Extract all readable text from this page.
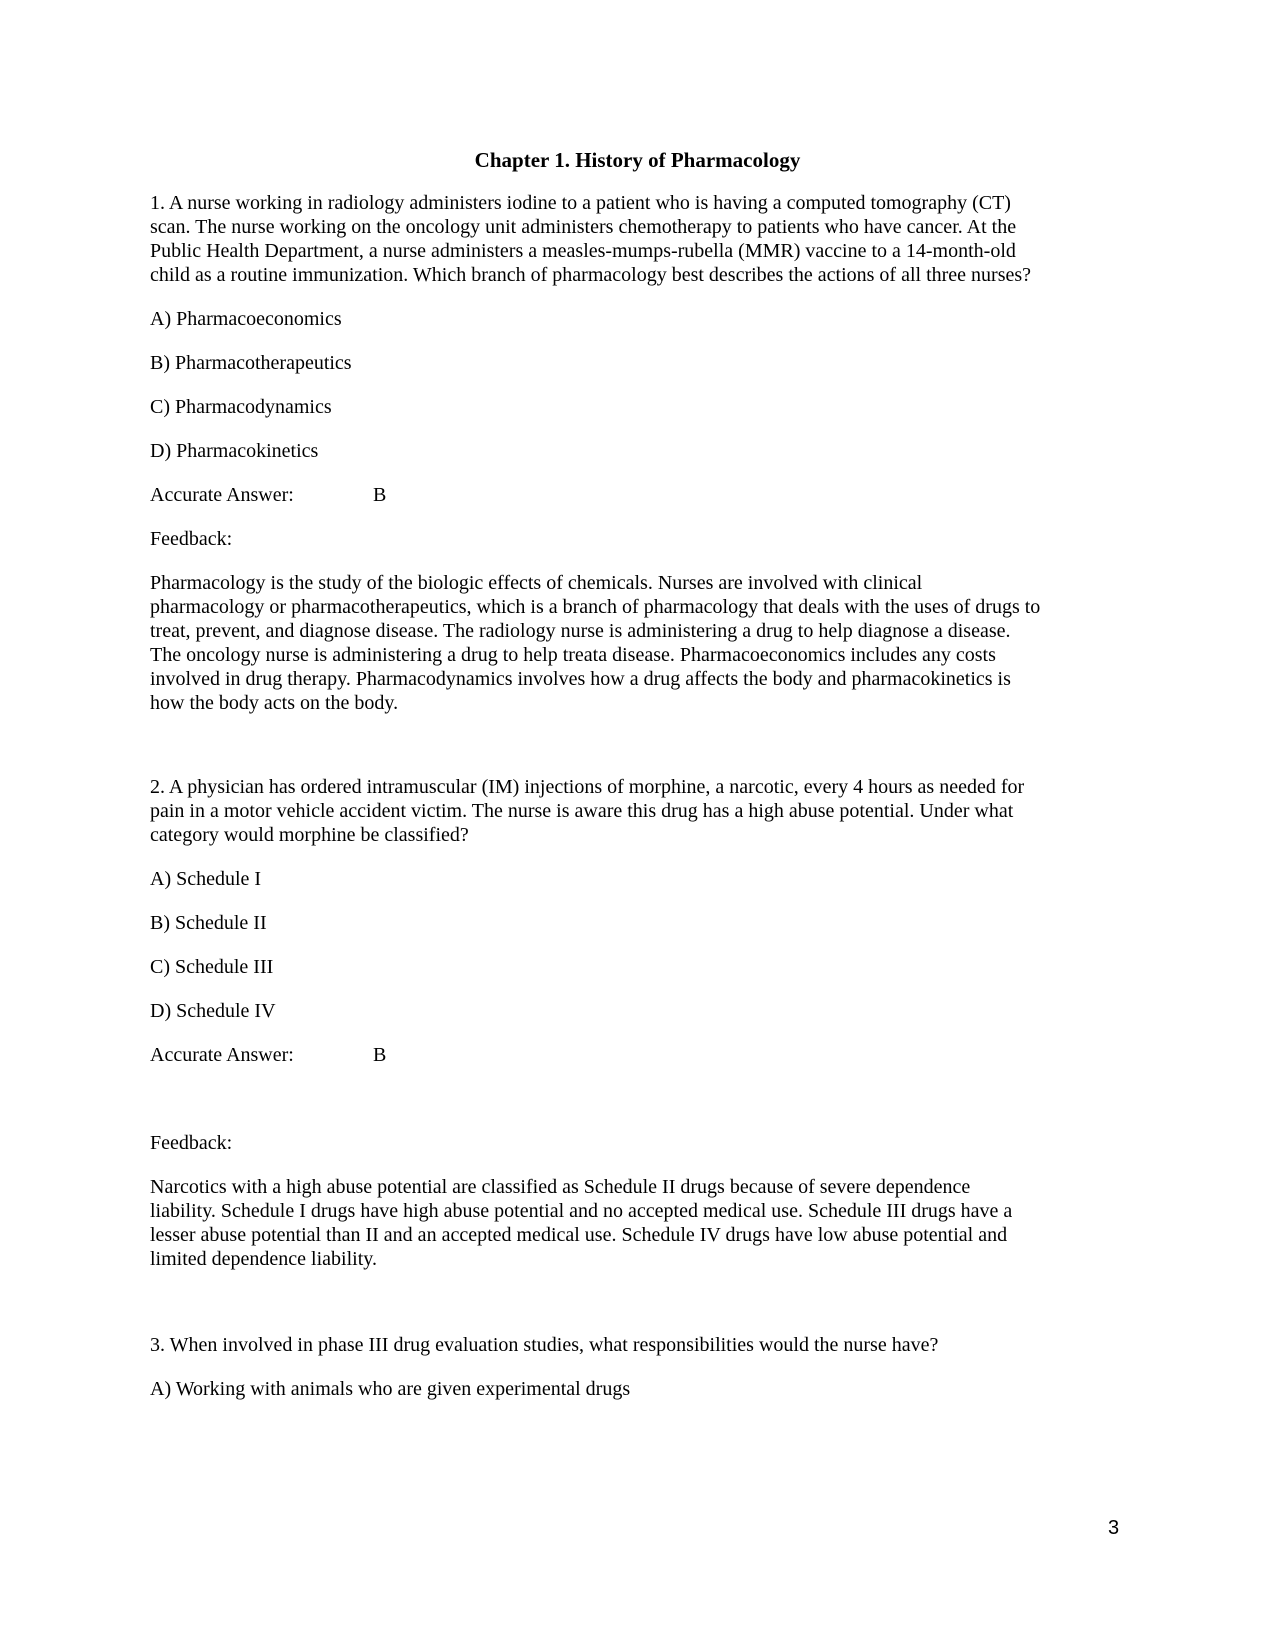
Chapter 1. History of Pharmacology
1. A nurse working in radiology administers iodine to a patient who is having a computed tomography (CT)
scan. The nurse working on the oncology unit administers chemotherapy to patients who have cancer. At the
Public Health Department, a nurse administers a measles-mumps-rubella (MMR) vaccine to a 14-month-old
child as a routine immunization. Which branch of pharmacology best describes the actions of all three nurses?
A) Pharmacoeconomics
B) Pharmacotherapeutics
C) Pharmacodynamics
D) Pharmacokinetics
Accurate Answer:	B
Feedback:
Pharmacology is the study of the biologic effects of chemicals. Nurses are involved with clinical
pharmacology or pharmacotherapeutics, which is a branch of pharmacology that deals with the uses of drugs to
treat, prevent, and diagnose disease. The radiology nurse is administering a drug to help diagnose a disease.
The oncology nurse is administering a drug to help treata disease. Pharmacoeconomics includes any costs
involved in drug therapy. Pharmacodynamics involves how a drug affects the body and pharmacokinetics is
how the body acts on the body.
2. A physician has ordered intramuscular (IM) injections of morphine, a narcotic, every 4 hours as needed for
pain in a motor vehicle accident victim. The nurse is aware this drug has a high abuse potential. Under what
category would morphine be classified?
A) Schedule I
B) Schedule II
C) Schedule III
D) Schedule IV
Accurate Answer:	B
Feedback:
Narcotics with a high abuse potential are classified as Schedule II drugs because of severe dependence
liability. Schedule I drugs have high abuse potential and no accepted medical use. Schedule III drugs have a
lesser abuse potential than II and an accepted medical use. Schedule IV drugs have low abuse potential and
limited dependence liability.
3. When involved in phase III drug evaluation studies, what responsibilities would the nurse have?
A) Working with animals who are given experimental drugs
3
